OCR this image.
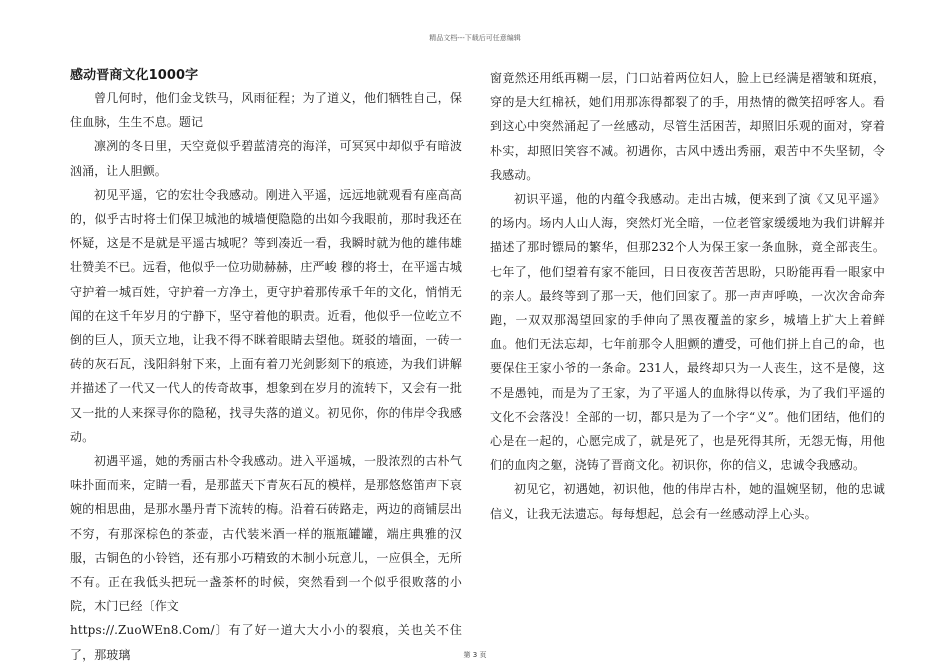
精品文档---下载后可任意编辑
感动晋商文化1000字

曾几何时，他们金戈铁马，风雨征程；为了道义，他们牺牲自己，保住血脉，生生不息。题记

凛冽的冬日里，天空竟似乎碧蓝清亮的海洋，可冥冥中却似乎有暗波汹涌，让人胆颤。

初见平遥，它的宏壮令我感动。刚进入平遥，远远地就观看有座高高的，似乎古时将士们保卫城池的城墙便隐隐的出如今我眼前，那时我还在怀疑，这是不是就是平遥古城呢？等到凑近一看，我瞬时就为他的雄伟雄壮赞美不已。远看，他似乎一位功勋赫赫，庄严峻 穆的将士，在平遥古城守护着一城百姓，守护着一方净土，更守护着那传承千年的文化，悄悄无闻的在这千年岁月的宁静下，坚守着他的职责。近看，他似乎一位屹立不倒的巨人，顶天立地，让我不得不眯着眼睛去望他。斑驳的墙面，一砖一砖的灰石瓦，浅阳斜射下来，上面有着刀光剑影刻下的痕迹，为我们讲解并描述了一代又一代人的传奇故事，想象到在岁月的流转下，又会有一批又一批的人来探寻你的隐秘，找寻失落的道义。初见你，你的伟岸令我感动。

初遇平遥，她的秀丽古朴令我感动。进入平遥城，一股浓烈的古朴气味扑面而来，定睛一看，是那蓝天下青灰石瓦的模样，是那悠悠笛声下哀婉的相思曲，是那水墨丹青下流转的梅。沿着石砖路走，两边的商铺层出不穷，有那深棕色的茶壶，古代装米酒一样的瓶瓶罐罐，端庄典雅的汉服，古铜色的小铃铛，还有那小巧精致的木制小玩意儿，一应俱全，无所不有。正在我低头把玩一盏茶杯的时候，突然看到一个似乎很败落的小院，木门已经〔作文

https://.ZuoWEn8.Com/〕有了好一道大大小小的裂痕，关也关不住了，那玻璃

窗竟然还用纸再糊一层，门口站着两位妇人，脸上已经满是褶皱和斑痕，穿的是大红棉袄，她们用那冻得都裂了的手，用热情的微笑招呼客人。看到这心中突然涌起了一丝感动，尽管生活困苦，却照旧乐观的面对，穿着朴实，却照旧笑容不减。初遇你，古风中透出秀丽，艰苦中不失坚韧，令我感动。

初识平遥，他的内蕴令我感动。走出古城，便来到了演《又见平遥》的场内。场内人山人海，突然灯光全暗，一位老管家缓缓地为我们讲解并描述了那时镖局的繁华，但那232个人为保王家一条血脉，竟全部丧生。七年了，他们望着有家不能回，日日夜夜苦苦思盼，只盼能再看一眼家中的亲人。最终等到了那一天，他们回家了。那一声声呼唤，一次次舍命奔跑，一双双那渴望回家的手伸向了黑夜覆盖的家乡，城墙上扩大上着鲜血。他们无法忘却，七年前那令人胆颤的遭受，可他们拼上自己的命，也要保住王家小爷的一条命。231人，最终却只为一人丧生，这不是傻，这不是愚钝，而是为了王家，为了平遥人的血脉得以传承，为了我们平遥的文化不会落没！全部的一切，都只是为了一个字“义”。他们团结，他们的心是在一起的，心愿完成了，就是死了，也是死得其所，无怨无悔，用他们的血肉之躯，浇铸了晋商文化。初识你，你的信义，忠诚令我感动。

初见它，初遇她，初识他，他的伟岸古朴，她的温婉坚韧，他的忠诚信义，让我无法遗忘。每每想起，总会有一丝感动浮上心头。

第 3 页
